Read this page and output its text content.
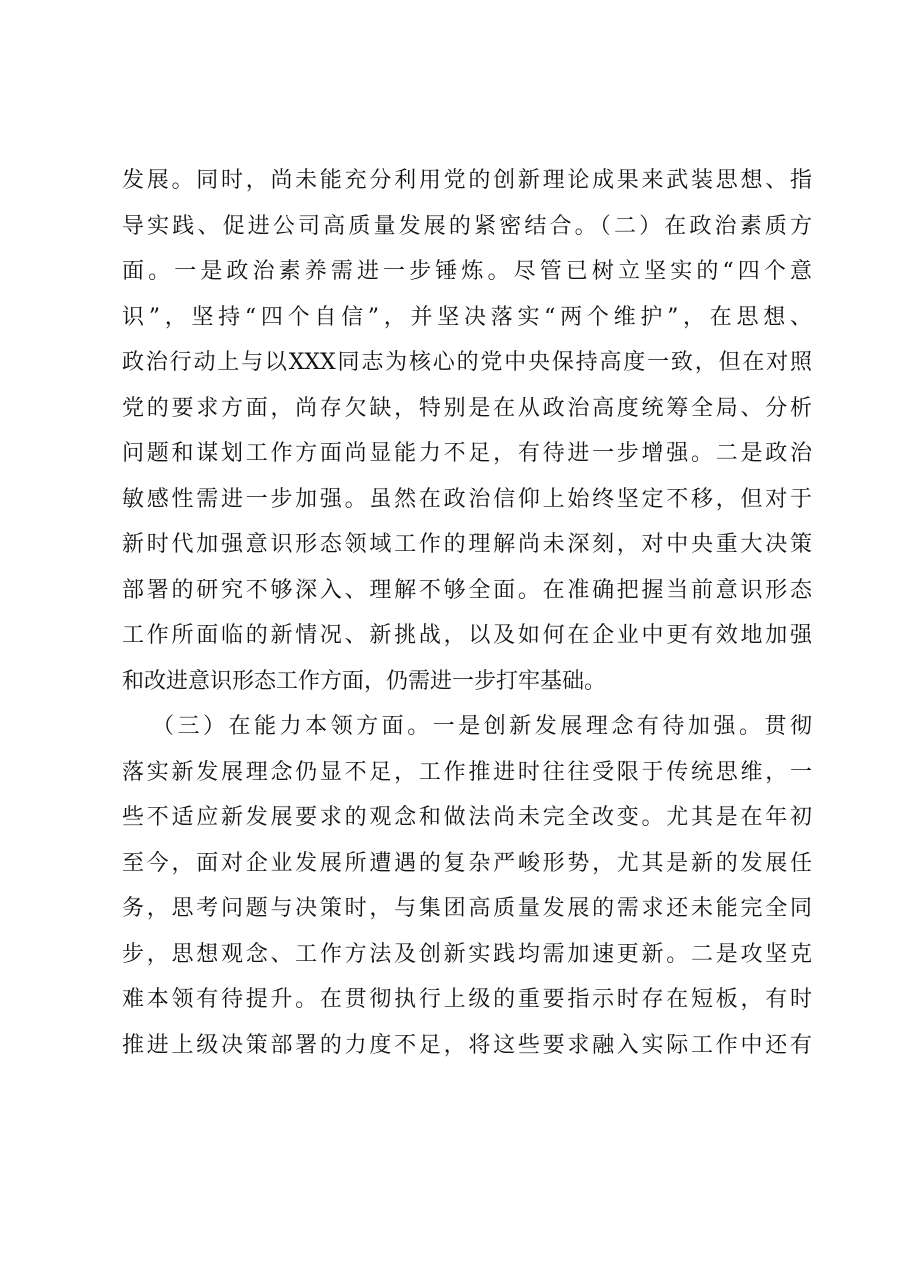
发展。同时，尚未能充分利用党的创新理论成果来武装思想、指
导实践、促进公司高质量发展的紧密结合。（二）在政治素质方
面。一是政治素养需进一步锤炼。尽管已树立坚实的“四个意
识”，坚持“四个自信”，并坚决落实“两个维护”，在思想、
政治行动上与以XXX同志为核心的党中央保持高度一致，但在对照
党的要求方面，尚存欠缺，特别是在从政治高度统筹全局、分析
问题和谋划工作方面尚显能力不足，有待进一步增强。二是政治
敏感性需进一步加强。虽然在政治信仰上始终坚定不移，但对于
新时代加强意识形态领域工作的理解尚未深刻，对中央重大决策
部署的研究不够深入、理解不够全面。在准确把握当前意识形态
工作所面临的新情况、新挑战，以及如何在企业中更有效地加强
和改进意识形态工作方面，仍需进一步打牢基础。
（三）在能力本领方面。一是创新发展理念有待加强。贯彻
落实新发展理念仍显不足，工作推进时往往受限于传统思维，一
些不适应新发展要求的观念和做法尚未完全改变。尤其是在年初
至今，面对企业发展所遭遇的复杂严峻形势，尤其是新的发展任
务，思考问题与决策时，与集团高质量发展的需求还未能完全同
步，思想观念、工作方法及创新实践均需加速更新。二是攻坚克
难本领有待提升。在贯彻执行上级的重要指示时存在短板，有时
推进上级决策部署的力度不足，将这些要求融入实际工作中还有
